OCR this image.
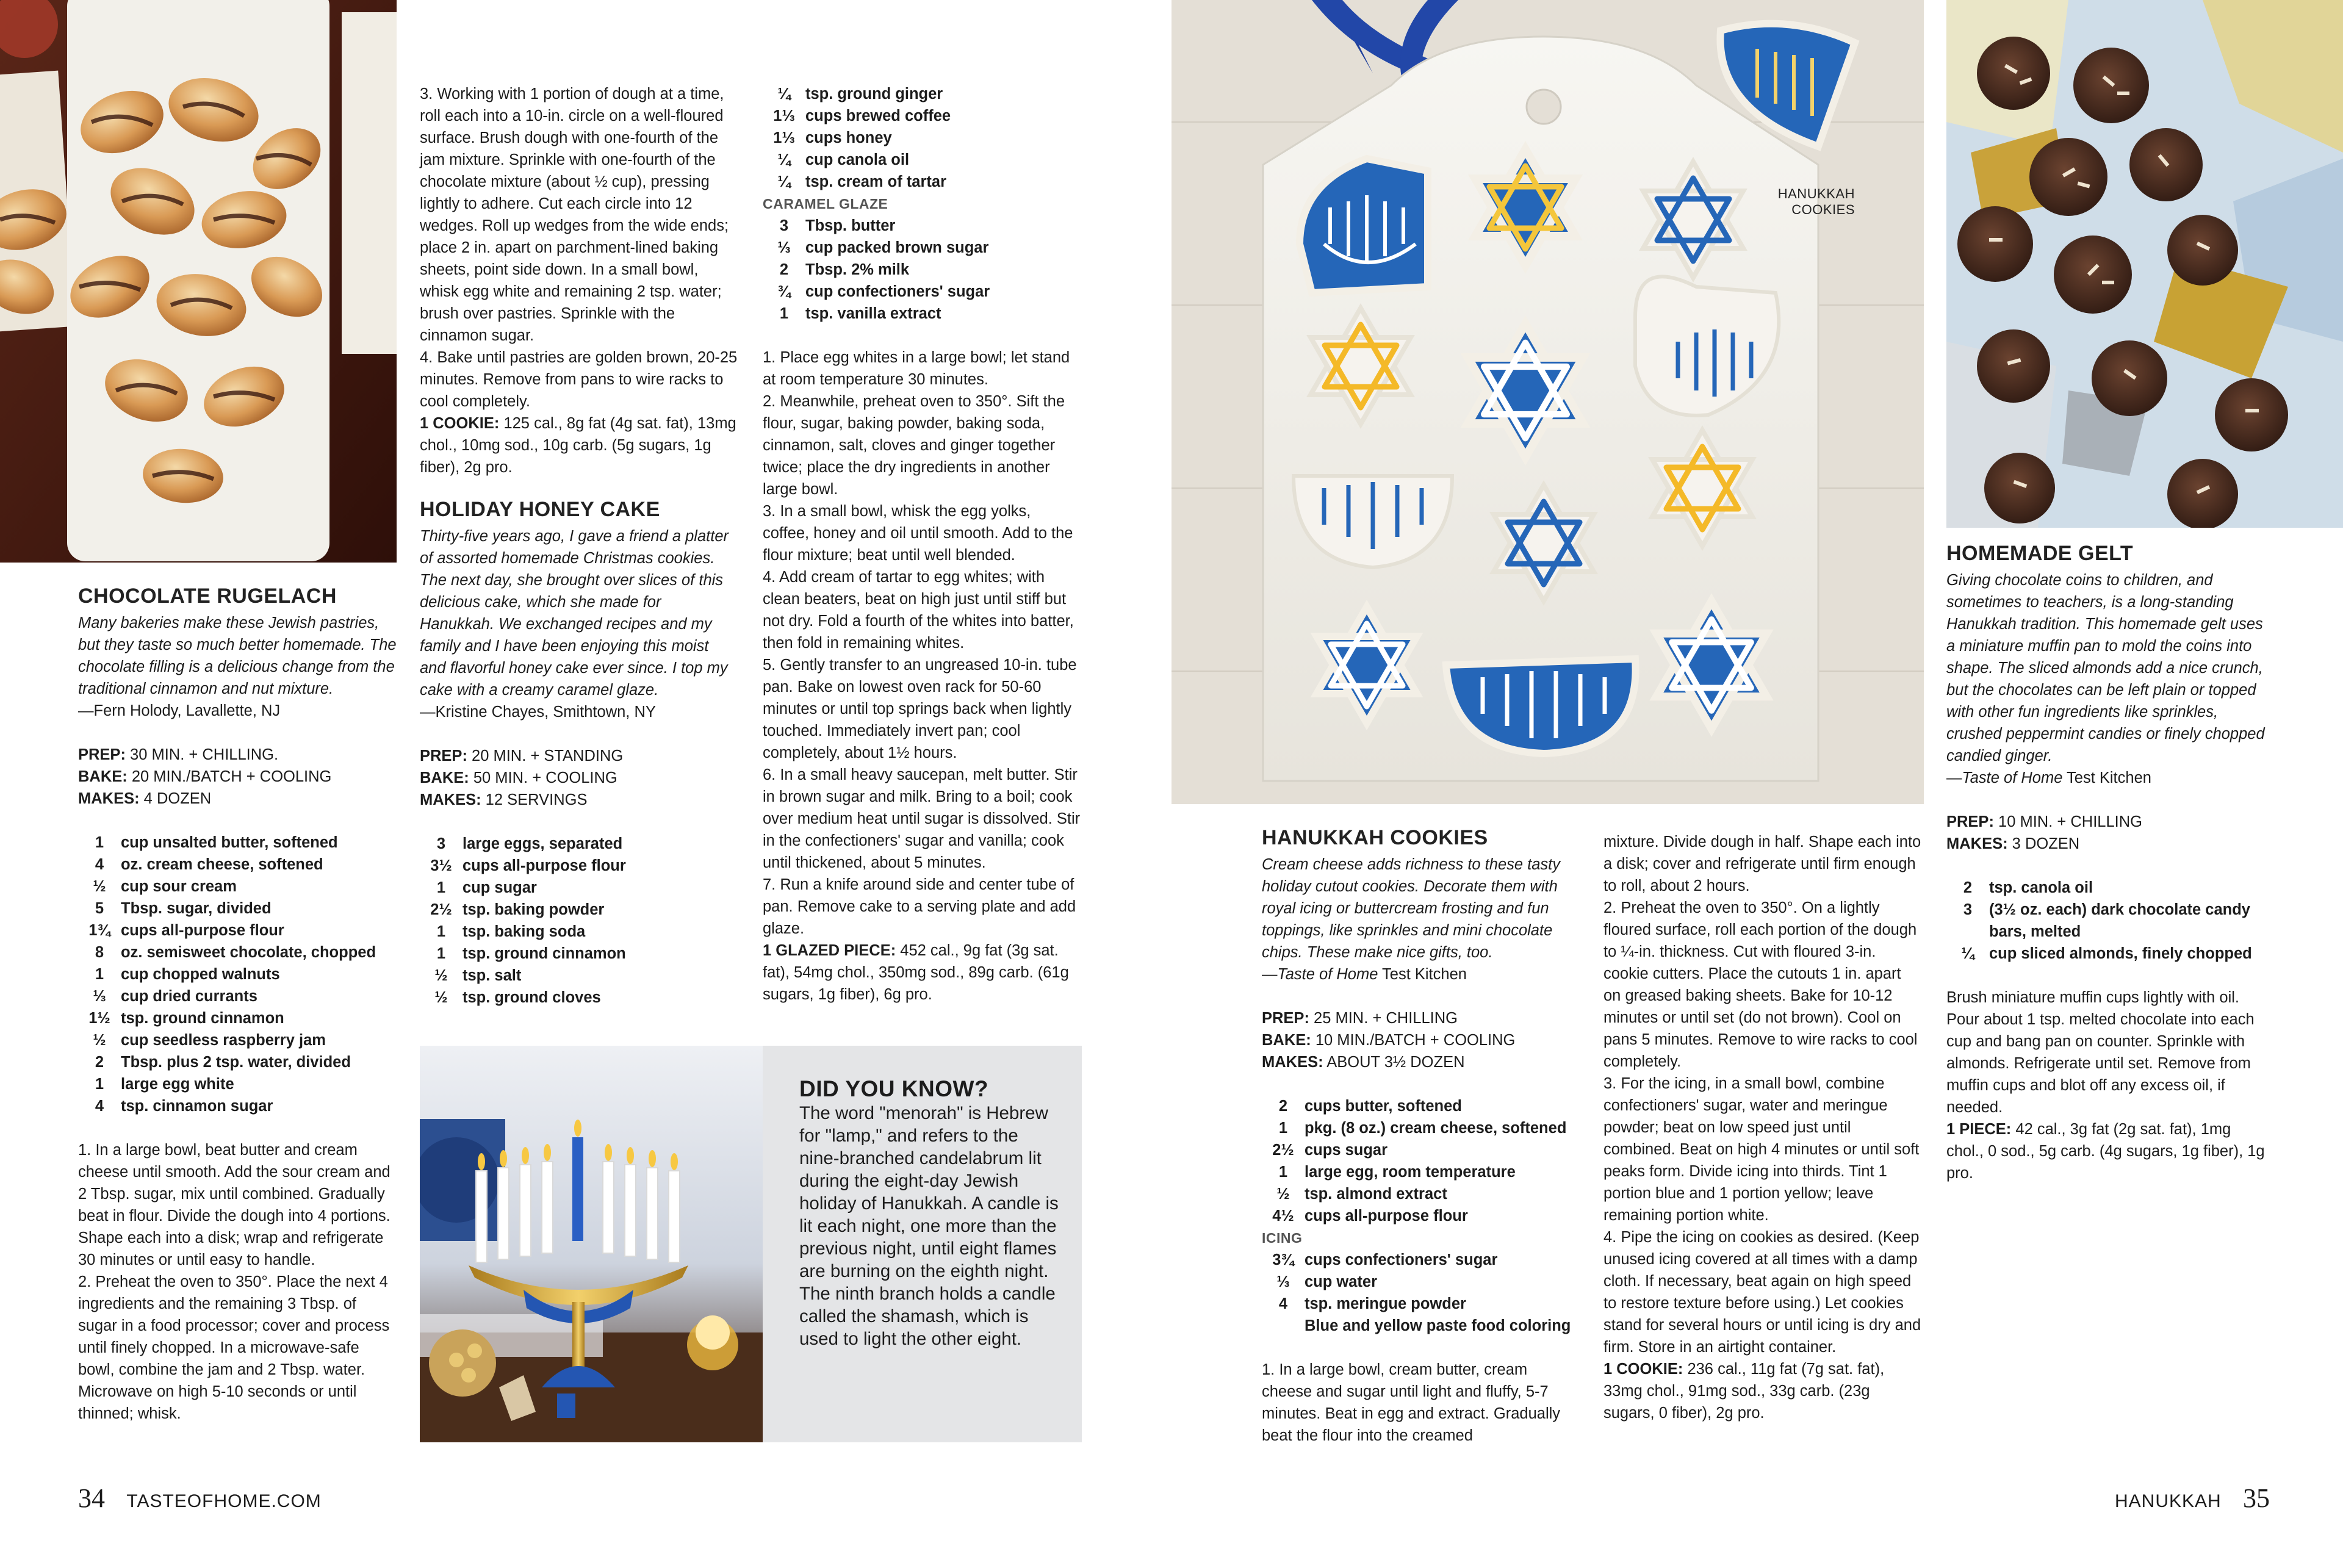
HANUKKAH
COOKIES
CHOCOLATE RUGELACH
Many bakeries make these Jewish pastries, but they taste so much better homemade. The chocolate filling is a delicious change from the traditional cinnamon and nut mixture.
—Fern Holody, Lavallette, NJ
PREP: 30 MIN. + CHILLING.
BAKE: 20 MIN./BATCH + COOLING
MAKES: 4 DOZEN
1	cup unsalted butter, softened
4	oz. cream cheese, softened
½ cup sour cream
5	Tbsp. sugar, divided
1¾ cups all-purpose flour
8	oz. semisweet chocolate, chopped
1	cup chopped walnuts
⅓ cup dried currants
1½ tsp. ground cinnamon
½ cup seedless raspberry jam
2	Tbsp. plus 2 tsp. water, divided
1	large egg white
4	tsp. cinnamon sugar

1. In a large bowl, beat butter and cream cheese until smooth. Add the sour cream and 2 Tbsp. sugar, mix until combined. Gradually beat in flour. Divide the dough into 4 portions. Shape each into a disk; wrap and refrigerate 30 minutes or until easy to handle.

2. Preheat the oven to 350°. Place the next 4 ingredients and the remaining 3 Tbsp. of sugar in a food processor; cover and process until finely chopped. In a microwave-safe bowl, combine the jam and 2 Tbsp. water. Microwave on high 5-10 seconds or until thinned; whisk.

3. Working with 1 portion of dough at a time, roll each into a 10-in. circle on a well-floured surface. Brush dough with one-fourth of the jam mixture. Sprinkle with one-fourth of the chocolate mixture (about ½ cup), pressing lightly to adhere. Cut each circle into 12 wedges. Roll up wedges from the wide ends; place 2 in. apart on parchment-lined baking sheets, point side down. In a small bowl, whisk egg white and remaining 2 tsp. water; brush over pastries. Sprinkle with the cinnamon sugar.

4. Bake until pastries are golden brown, 20-25 minutes. Remove from pans to wire racks to cool completely.

1 COOKIE: 125 cal., 8g fat (4g sat. fat), 13mg chol., 10mg sod., 10g carb. (5g sugars, 1g fiber), 2g pro.
HOLIDAY HONEY CAKE
Thirty-five years ago, I gave a friend a platter of assorted homemade Christmas cookies. The next day, she brought over slices of this delicious cake, which she made for Hanukkah. We exchanged recipes and my family and I have been enjoying this moist and flavorful honey cake ever since. I top my cake with a creamy caramel glaze.
—Kristine Chayes, Smithtown, NY
PREP: 20 MIN. + STANDING
BAKE: 50 MIN. + COOLING
MAKES: 12 SERVINGS
3	large eggs, separated
3½ cups all-purpose flour
1	cup sugar
2½ tsp. baking powder
1	tsp. baking soda
1	tsp. ground cinnamon
½ tsp. salt
½ tsp. ground cloves
¼ tsp. ground ginger
1⅓ cups brewed coffee
1⅓ cups honey
¼ cup canola oil
¼ tsp. cream of tartar
CARAMEL GLAZE
3	Tbsp. butter
⅓ cup packed brown sugar
2	Tbsp. 2% milk
¾ cup confectioners' sugar
1	tsp. vanilla extract

1. Place egg whites in a large bowl; let stand at room temperature 30 minutes.

2. Meanwhile, preheat oven to 350°. Sift the flour, sugar, baking powder, baking soda, cinnamon, salt, cloves and ginger together twice; place the dry ingredients in another large bowl.

3. In a small bowl, whisk the egg yolks, coffee, honey and oil until smooth. Add to the flour mixture; beat until well blended.

4. Add cream of tartar to egg whites; with clean beaters, beat on high just until stiff but not dry. Fold a fourth of the whites into batter, then fold in remaining whites.

5. Gently transfer to an ungreased 10-in. tube pan. Bake on lowest oven rack for 50-60 minutes or until top springs back when lightly touched. Immediately invert pan; cool completely, about 1½ hours.

6. In a small heavy saucepan, melt butter. Stir in brown sugar and milk. Bring to a boil; cook over medium heat until sugar is dissolved. Stir in the confectioners' sugar and vanilla; cook until thickened, about 5 minutes.

7. Run a knife around side and center tube of pan. Remove cake to a serving plate and add glaze.

1 GLAZED PIECE: 452 cal., 9g fat (3g sat. fat), 54mg chol., 350mg sod., 89g carb. (61g sugars, 1g fiber), 6g pro.
DID YOU KNOW?

The word "menorah" is Hebrew for "lamp," and refers to the nine-branched candelabrum lit during the eight-day Jewish holiday of Hanukkah. A candle is lit each night, one more than the previous night, until eight flames are burning on the eighth night. The ninth branch holds a candle called the shamash, which is used to light the other eight.

34 TASTEOFHOME.COM
HANUKKAH COOKIES
Cream cheese adds richness to these tasty holiday cutout cookies. Decorate them with royal icing or buttercream frosting and fun toppings, like sprinkles and mini chocolate chips. These make nice gifts, too.
—Taste of Home Test Kitchen
PREP: 25 MIN. + CHILLING
BAKE: 10 MIN./BATCH + COOLING
MAKES: ABOUT 3½ DOZEN
2	cups butter, softened
1	pkg. (8 oz.) cream cheese, softened
2½ cups sugar
1	large egg, room temperature
½ tsp. almond extract
4½ cups all-purpose flour
ICING
3¾ cups confectioners' sugar
⅓ cup water
4	tsp. meringue powder
Blue and yellow paste food coloring

1. In a large bowl, cream butter, cream cheese and sugar until light and fluffy, 5-7 minutes. Beat in egg and extract. Gradually beat the flour into the creamed

mixture. Divide dough in half. Shape each into a disk; cover and refrigerate until firm enough to roll, about 2 hours.

2. Preheat the oven to 350°. On a lightly floured surface, roll each portion of the dough to ¼-in. thickness. Cut with floured 3-in. cookie cutters. Place the cutouts 1 in. apart on greased baking sheets. Bake for 10-12 minutes or until set (do not brown). Cool on pans 5 minutes. Remove to wire racks to cool completely.

3. For the icing, in a small bowl, combine confectioners' sugar, water and meringue powder; beat on low speed just until combined. Beat on high 4 minutes or until soft peaks form. Divide icing into thirds. Tint 1 portion blue and 1 portion yellow; leave remaining portion white.

4. Pipe the icing on cookies as desired. (Keep unused icing covered at all times with a damp cloth. If necessary, beat again on high speed to restore texture before using.) Let cookies stand for several hours or until icing is dry and firm. Store in an airtight container.

1 COOKIE: 236 cal., 11g fat (7g sat. fat), 33mg chol., 91mg sod., 33g carb. (23g sugars, 0 fiber), 2g pro.
HOMEMADE GELT
Giving chocolate coins to children, and sometimes to teachers, is a long-standing Hanukkah tradition. This homemade gelt uses a miniature muffin pan to mold the coins into shape. The sliced almonds add a nice crunch, but the chocolates can be left plain or topped with other fun ingredients like sprinkles, crushed peppermint candies or finely chopped candied ginger.
—Taste of Home Test Kitchen
PREP: 10 MIN. + CHILLING
MAKES: 3 DOZEN
2	tsp. canola oil
3	(3½ oz. each) dark chocolate candy bars, melted
¼ cup sliced almonds, finely chopped

Brush miniature muffin cups lightly with oil. Pour about 1 tsp. melted chocolate into each cup and bang pan on counter. Sprinkle with almonds. Refrigerate until set. Remove from muffin cups and blot off any excess oil, if needed.

1 PIECE: 42 cal., 3g fat (2g sat. fat), 1mg chol., 0 sod., 5g carb. (4g sugars, 1g fiber), 1g pro.
HANUKKAH 35
